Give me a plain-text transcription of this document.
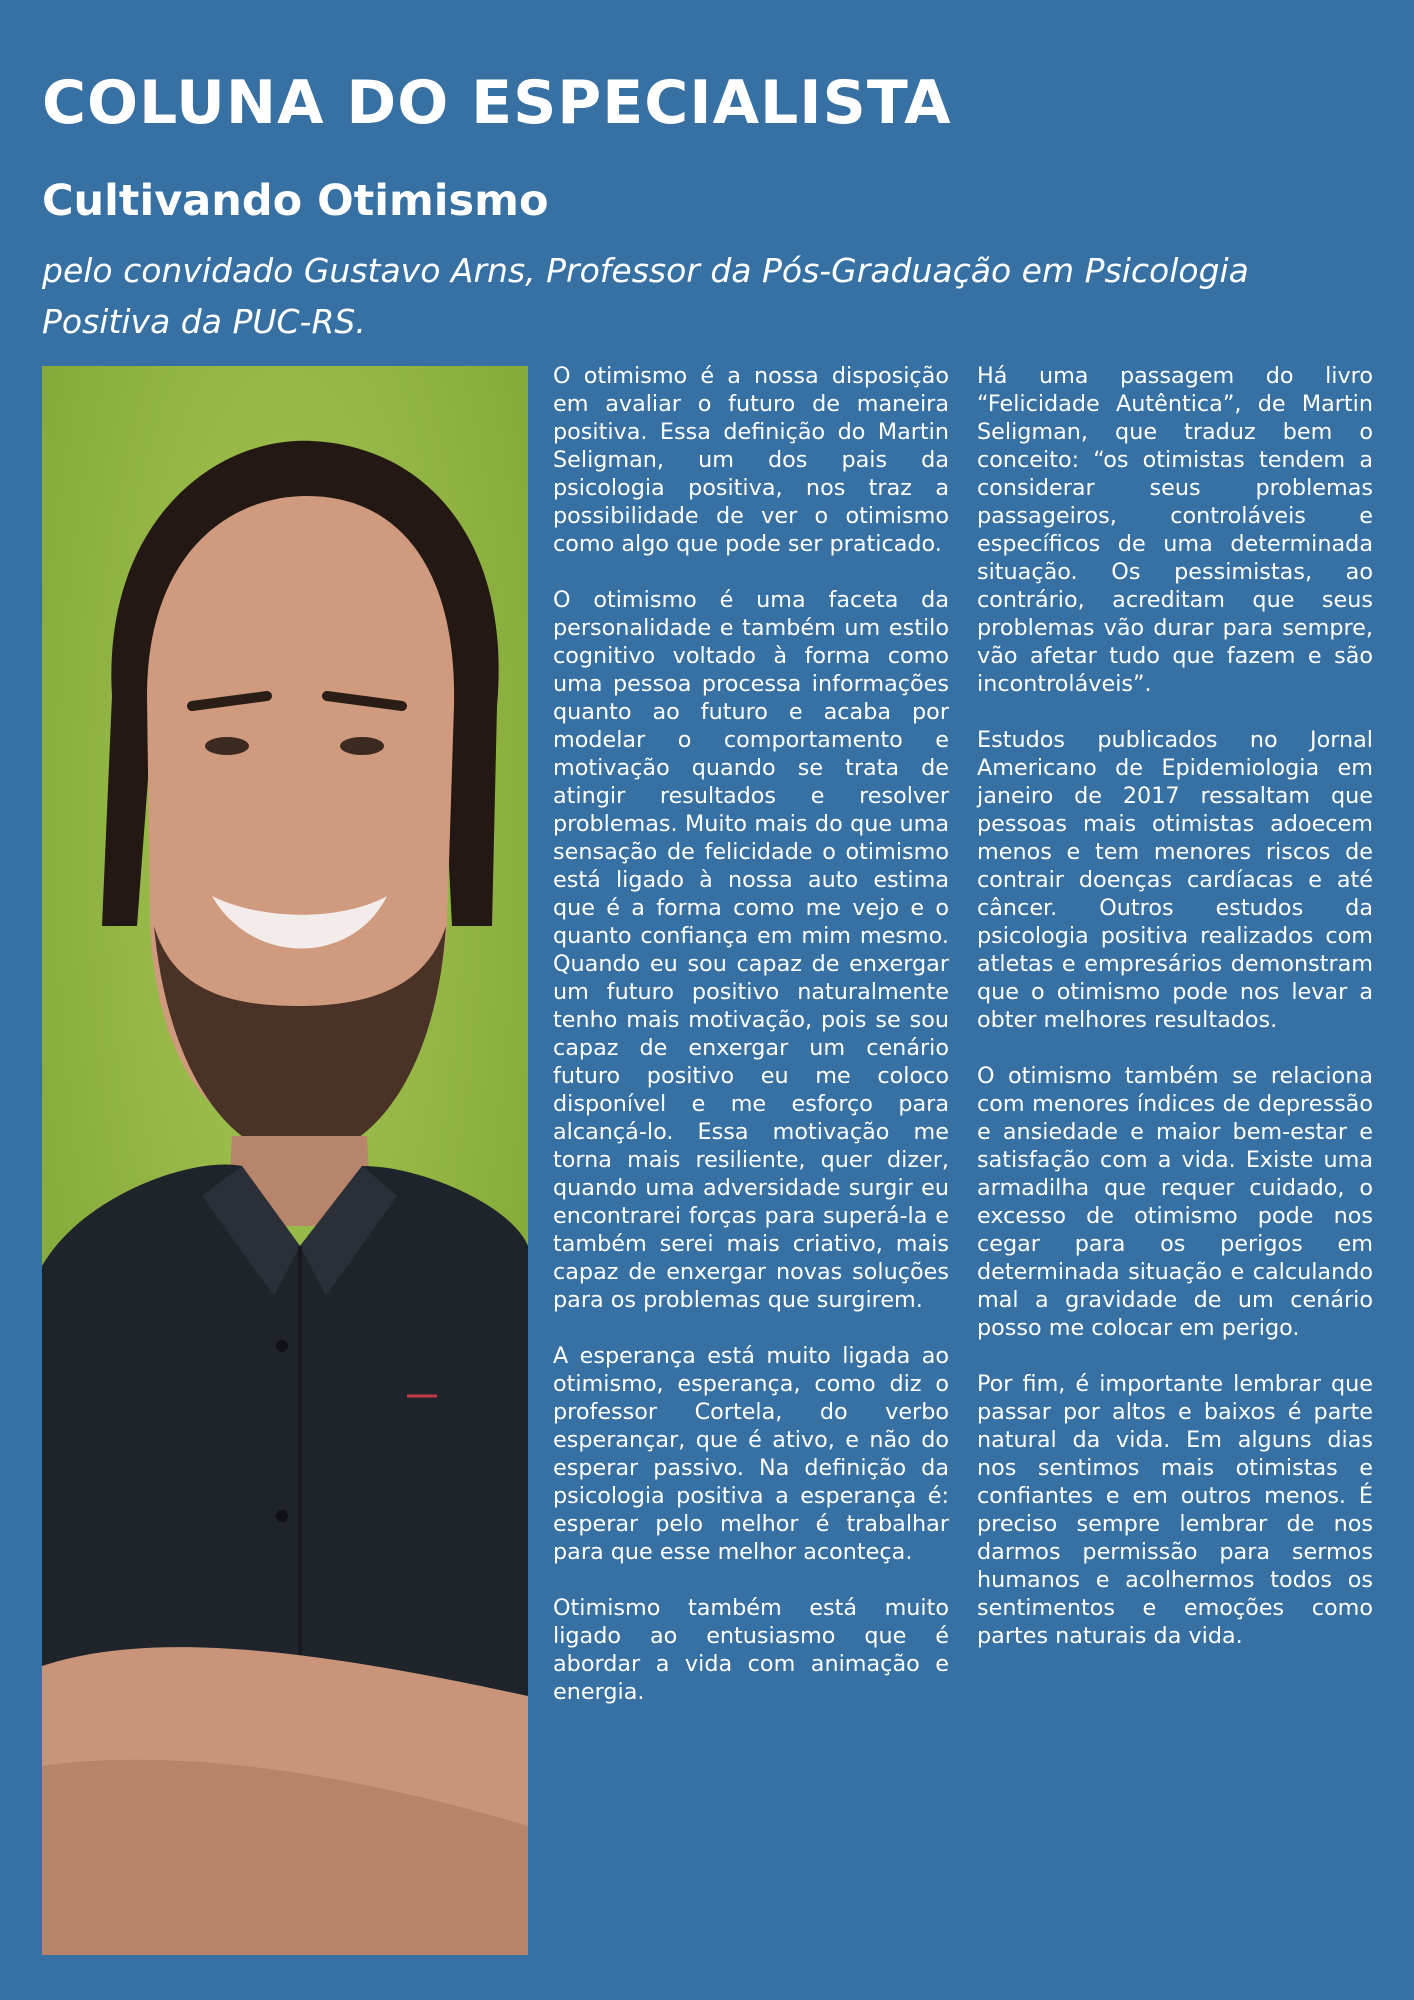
COLUNA DO ESPECIALISTA
Cultivando Otimismo

pelo convidado Gustavo Arns, Professor da Pós-Graduação em Psicologia Positiva da PUC-RS.

O otimismo é a nossa disposição em avaliar o futuro de maneira positiva. Essa definição do Martin Seligman, um dos pais da psicologia positiva, nos traz a possibilidade de ver o otimismo como algo que pode ser praticado.

O otimismo é uma faceta da personalidade e também um estilo cognitivo voltado à forma como uma pessoa processa informações quanto ao futuro e acaba por modelar o comportamento e motivação quando se trata de atingir resultados e resolver problemas. Muito mais do que uma sensação de felicidade o otimismo está ligado à nossa auto estima que é a forma como me vejo e o quanto confiança em mim mesmo. Quando eu sou capaz de enxergar um futuro positivo naturalmente tenho mais motivação, pois se sou capaz de enxergar um cenário futuro positivo eu me coloco disponível e me esforço para alcançá-lo. Essa motivação me torna mais resiliente, quer dizer, quando uma adversidade surgir eu encontrarei forças para superá-la e também serei mais criativo, mais capaz de enxergar novas soluções para os problemas que surgirem.

A esperança está muito ligada ao otimismo, esperança, como diz o professor Cortela, do verbo esperançar, que é ativo, e não do esperar passivo. Na definição da psicologia positiva a esperança é: esperar pelo melhor é trabalhar para que esse melhor aconteça.

Otimismo também está muito ligado ao entusiasmo que é abordar a vida com animação e energia.

Há uma passagem do livro “Felicidade Autêntica”, de Martin Seligman, que traduz bem o conceito: “os otimistas tendem a considerar seus problemas passageiros, controláveis e específicos de uma determinada situação. Os pessimistas, ao contrário, acreditam que seus problemas vão durar para sempre, vão afetar tudo que fazem e são incontroláveis”.

Estudos publicados no Jornal Americano de Epidemiologia em janeiro de 2017 ressaltam que pessoas mais otimistas adoecem menos e tem menores riscos de contrair doenças cardíacas e até câncer. Outros estudos da psicologia positiva realizados com atletas e empresários demonstram que o otimismo pode nos levar a obter melhores resultados.

O otimismo também se relaciona com menores índices de depressão e ansiedade e maior bem-estar e satisfação com a vida. Existe uma armadilha que requer cuidado, o excesso de otimismo pode nos cegar para os perigos em determinada situação e calculando mal a gravidade de um cenário posso me colocar em perigo.

Por fim, é importante lembrar que passar por altos e baixos é parte natural da vida. Em alguns dias nos sentimos mais otimistas e confiantes e em outros menos. É preciso sempre lembrar de nos darmos permissão para sermos humanos e acolhermos todos os sentimentos e emoções como partes naturais da vida.
